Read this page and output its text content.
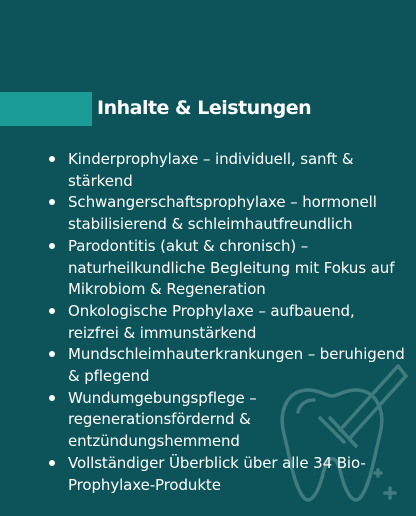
Inhalte & Leistungen
Kinderprophylaxe – individuell, sanft & stärkend
Schwangerschaftsprophylaxe – hormonell stabilisierend & schleimhautfreundlich
Parodontitis (akut & chronisch) – naturheilkundliche Begleitung mit Fokus auf Mikrobiom & Regeneration
Onkologische Prophylaxe – aufbauend, reizfrei & immunstärkend
Mundschleimhauterkrankungen – beruhigend & pflegend
Wundumgebungspflege – regenerationsfördernd & entzündungshemmend
Vollständiger Überblick über alle 34 Bio-Prophylaxe-Produkte
